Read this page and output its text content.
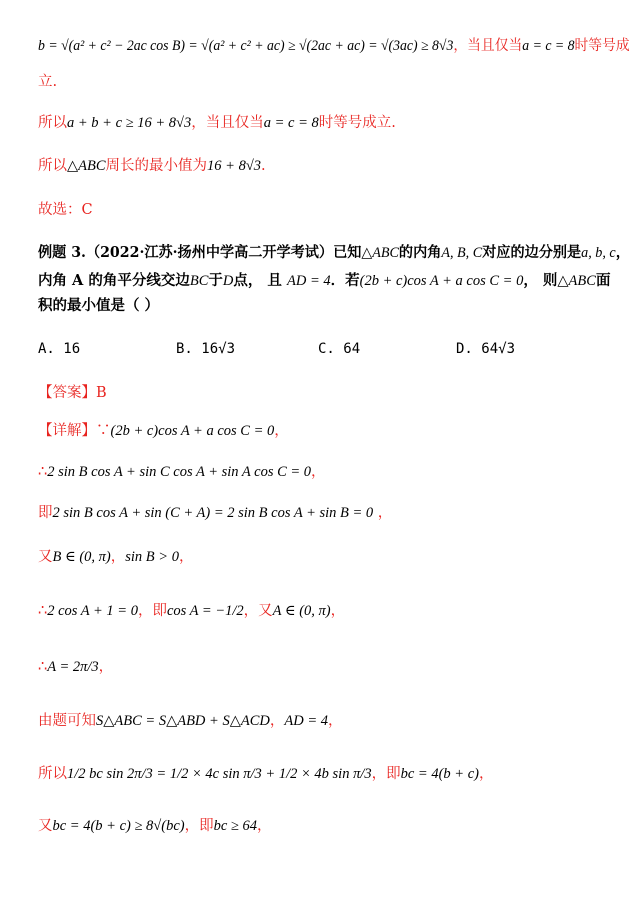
b = √(a² + c² − 2ac cos B) = √(a² + c² + ac) ≥ √(2ac + ac) = √(3ac) ≥ 8√3，当且仅当a = c = 8时等号成
立.
所以a + b + c ≥ 16 + 8√3，当且仅当a = c = 8时等号成立.
所以△ABC周长的最小值为16 + 8√3.
故选：C
例题 3.（2022·江苏·扬州中学高二开学考试）已知△ABC的内角A, B, C对应的边分别是a, b, c，
内角 A 的角平分线交边BC于D点， 且 AD = 4．若(2b + c)cos A + a cos C = 0， 则△ABC面
积的最小值是（ ）
【答案】B
【详解】∵(2b + c)cos A + a cos C = 0，
∴2 sin B cos A + sin C cos A + sin A cos C = 0，
即2 sin B cos A + sin (C + A) = 2 sin B cos A + sin B = 0 ，
又B ∈ (0, π)，sin B > 0，
∴2 cos A + 1 = 0，即cos A = −1/2，又A ∈ (0, π)，
∴A = 2π/3，
由题可知S△ABC = S△ABD + S△ACD，AD = 4，
所以1/2 bc sin 2π/3 = 1/2 × 4c sin π/3 + 1/2 × 4b sin π/3，即bc = 4(b + c)，
又bc = 4(b + c) ≥ 8√(bc)，即bc ≥ 64，
A. 16	B. 16√3	C. 64	D. 64√3
